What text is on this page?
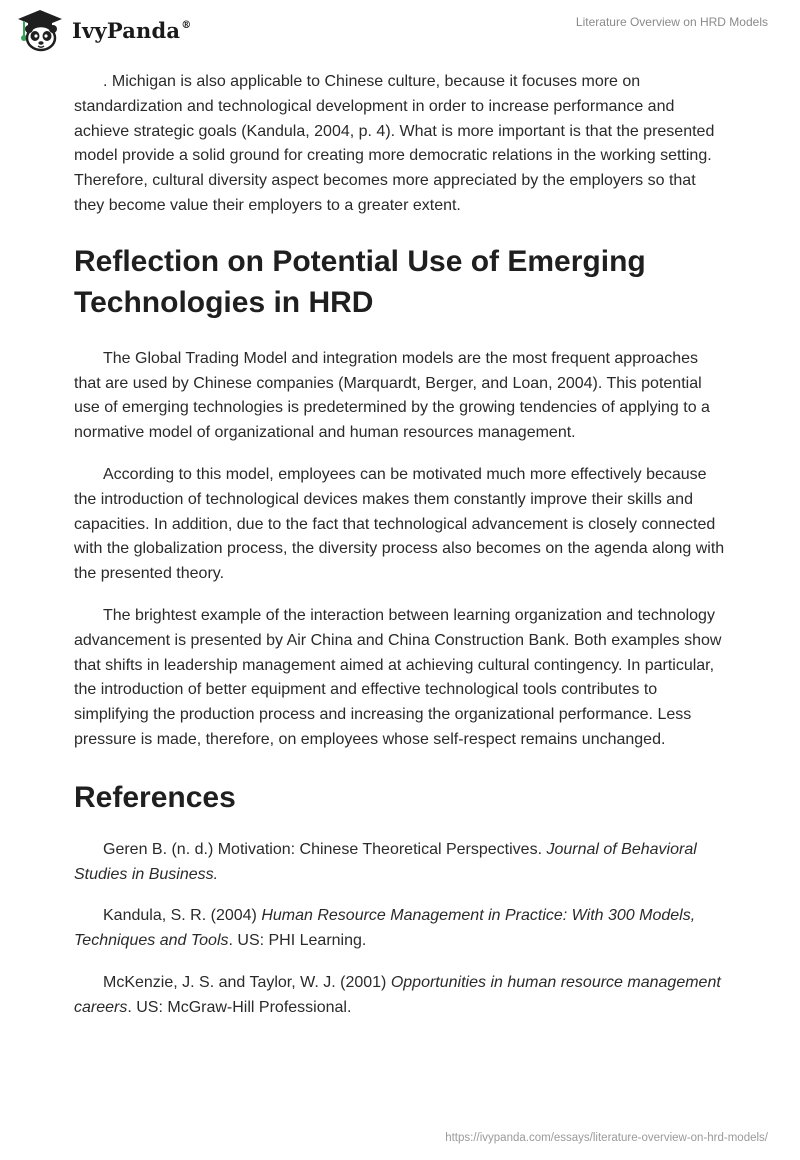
IvyPanda®	Literature Overview on HRD Models

. Michigan is also applicable to Chinese culture, because it focuses more on standardization and technological development in order to increase performance and achieve strategic goals (Kandula, 2004, p. 4). What is more important is that the presented model provide a solid ground for creating more democratic relations in the working setting. Therefore, cultural diversity aspect becomes more appreciated by the employers so that they become value their employers to a greater extent.

Reflection on Potential Use of Emerging Technologies in HRD

The Global Trading Model and integration models are the most frequent approaches that are used by Chinese companies (Marquardt, Berger, and Loan, 2004). This potential use of emerging technologies is predetermined by the growing tendencies of applying to a normative model of organizational and human resources management.

According to this model, employees can be motivated much more effectively because the introduction of technological devices makes them constantly improve their skills and capacities. In addition, due to the fact that technological advancement is closely connected with the globalization process, the diversity process also becomes on the agenda along with the presented theory.

The brightest example of the interaction between learning organization and technology advancement is presented by Air China and China Construction Bank. Both examples show that shifts in leadership management aimed at achieving cultural contingency. In particular, the introduction of better equipment and effective technological tools contributes to simplifying the production process and increasing the organizational performance. Less pressure is made, therefore, on employees whose self-respect remains unchanged.

References

Geren B. (n. d.) Motivation: Chinese Theoretical Perspectives. Journal of Behavioral Studies in Business.

Kandula, S. R. (2004) Human Resource Management in Practice: With 300 Models, Techniques and Tools. US: PHI Learning.

McKenzie, J. S. and Taylor, W. J. (2001) Opportunities in human resource management careers. US: McGraw-Hill Professional.

https://ivypanda.com/essays/literature-overview-on-hrd-models/
